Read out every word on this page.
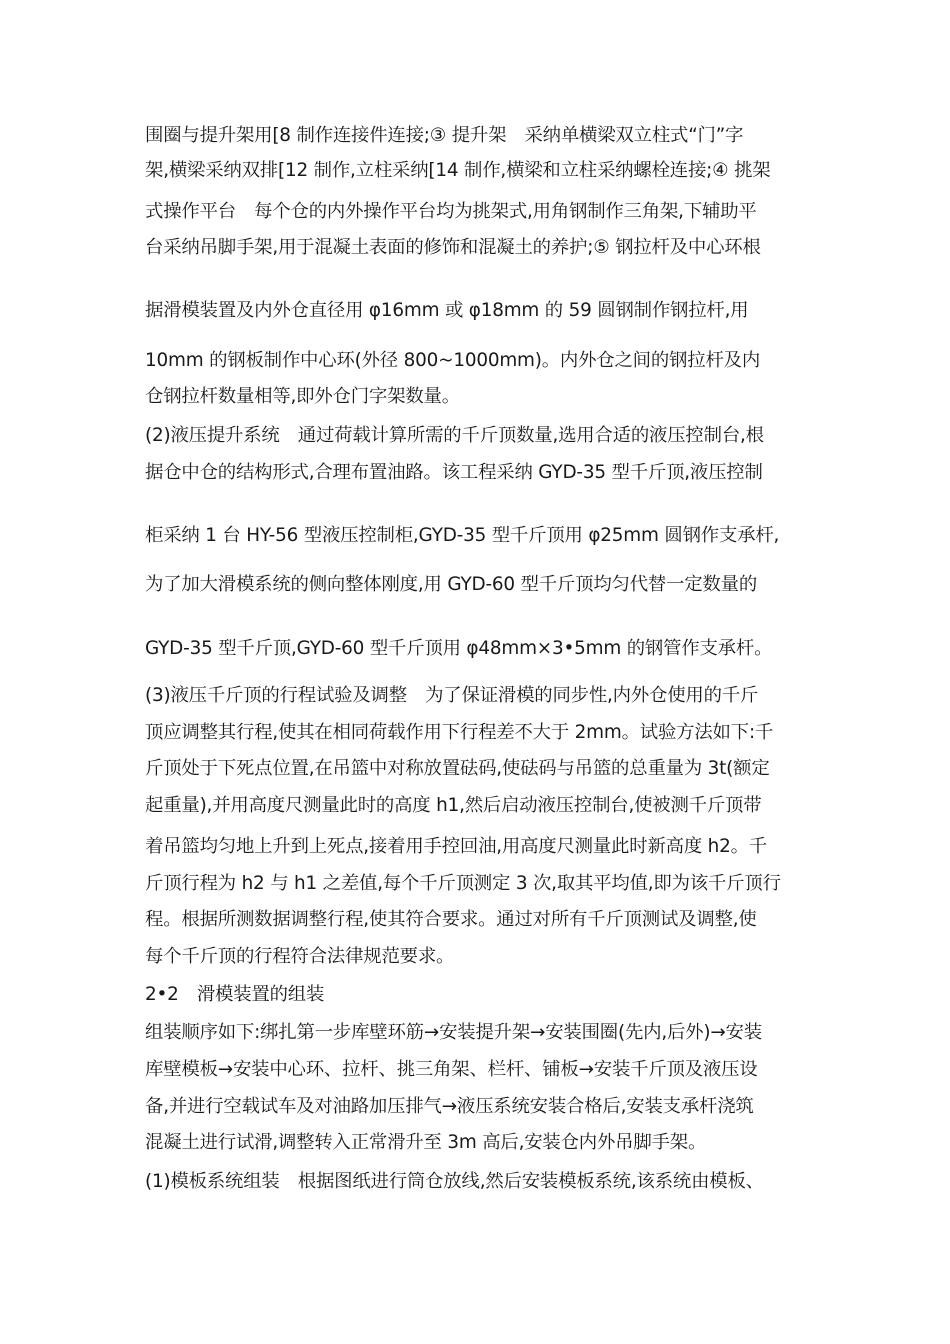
围圈与提升架用[8 制作连接件连接;③ 提升架　采纳单横梁双立柱式“门”字
架,横梁采纳双排[12 制作,立柱采纳[14 制作,横梁和立柱采纳螺栓连接;④ 挑架
式操作平台　每个仓的内外操作平台均为挑架式,用角钢制作三角架,下辅助平
台采纳吊脚手架,用于混凝土表面的修饰和混凝土的养护;⑤ 钢拉杆及中心环根
据滑模装置及内外仓直径用 φ16mm 或 φ18mm 的 59 圆钢制作钢拉杆,用
10mm 的钢板制作中心环(外径 800~1000mm)。内外仓之间的钢拉杆及内
仓钢拉杆数量相等,即外仓门字架数量。
(2)液压提升系统　通过荷载计算所需的千斤顶数量,选用合适的液压控制台,根
据仓中仓的结构形式,合理布置油路。该工程采纳 GYD-35 型千斤顶,液压控制
柜采纳 1 台 HY-56 型液压控制柜,GYD-35 型千斤顶用 φ25mm 圆钢作支承杆,
为了加大滑模系统的侧向整体刚度,用 GYD-60 型千斤顶均匀代替一定数量的
GYD-35 型千斤顶,GYD-60 型千斤顶用 φ48mm×3•5mm 的钢管作支承杆。
(3)液压千斤顶的行程试验及调整　为了保证滑模的同步性,内外仓使用的千斤
顶应调整其行程,使其在相同荷载作用下行程差不大于 2mm。试验方法如下:千
斤顶处于下死点位置,在吊篮中对称放置砝码,使砝码与吊篮的总重量为 3t(额定
起重量),并用高度尺测量此时的高度 h1,然后启动液压控制台,使被测千斤顶带
着吊篮均匀地上升到上死点,接着用手控回油,用高度尺测量此时新高度 h2。千
斤顶行程为 h2 与 h1 之差值,每个千斤顶测定 3 次,取其平均值,即为该千斤顶行
程。根据所测数据调整行程,使其符合要求。通过对所有千斤顶测试及调整,使
每个千斤顶的行程符合法律规范要求。
2•2　滑模装置的组装
组装顺序如下:绑扎第一步库壁环筋→安装提升架→安装围圈(先内,后外)→安装
库壁模板→安装中心环、拉杆、挑三角架、栏杆、铺板→安装千斤顶及液压设
备,并进行空载试车及对油路加压排气→液压系统安装合格后,安装支承杆浇筑
混凝土进行试滑,调整转入正常滑升至 3m 高后,安装仓内外吊脚手架。
(1)模板系统组装　根据图纸进行筒仓放线,然后安装模板系统,该系统由模板、
